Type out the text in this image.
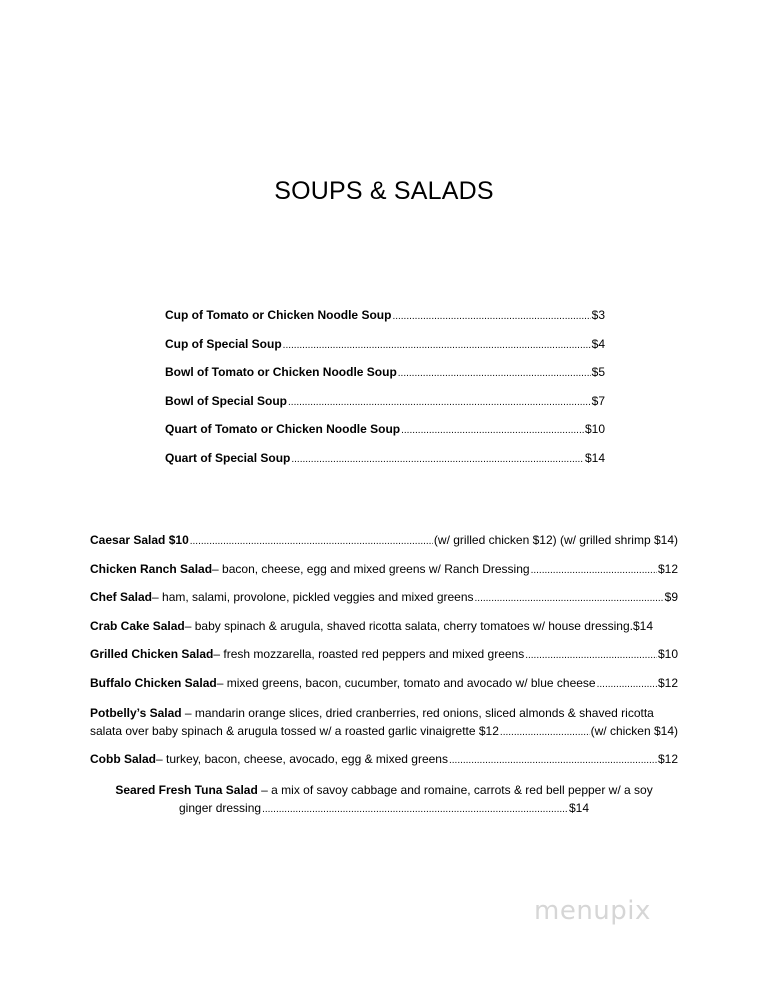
SOUPS & SALADS
Cup of Tomato or Chicken Noodle Soup .....	$3
Cup of Special Soup .....	$4
Bowl of Tomato or Chicken Noodle Soup .....	$5
Bowl of Special Soup .....	$7
Quart of Tomato or Chicken Noodle Soup .....	$10
Quart of Special Soup .....	$14
Caesar Salad $10 .....	(w/ grilled chicken $12) (w/ grilled shrimp $14)
Chicken Ranch Salad – bacon, cheese, egg and mixed greens w/ Ranch Dressing .....	$12
Chef Salad – ham, salami, provolone, pickled veggies and mixed greens .....	$9
Crab Cake Salad – baby spinach & arugula, shaved ricotta salata, cherry tomatoes w/ house dressing. $14
Grilled Chicken Salad – fresh mozzarella, roasted red peppers and mixed greens .....	$10
Buffalo Chicken Salad – mixed greens, bacon, cucumber, tomato and avocado w/ blue cheese .....	$12
Potbelly’s Salad – mandarin orange slices, dried cranberries, red onions, sliced almonds & shaved ricotta
salata over baby spinach & arugula tossed w/ a roasted garlic vinaigrette $12 .....	(w/ chicken $14)
Cobb Salad – turkey, bacon, cheese, avocado, egg & mixed greens .....	$12
Seared Fresh Tuna Salad – a mix of savoy cabbage and romaine, carrots & red bell pepper w/ a soy
ginger dressing .....	$14
menupix
